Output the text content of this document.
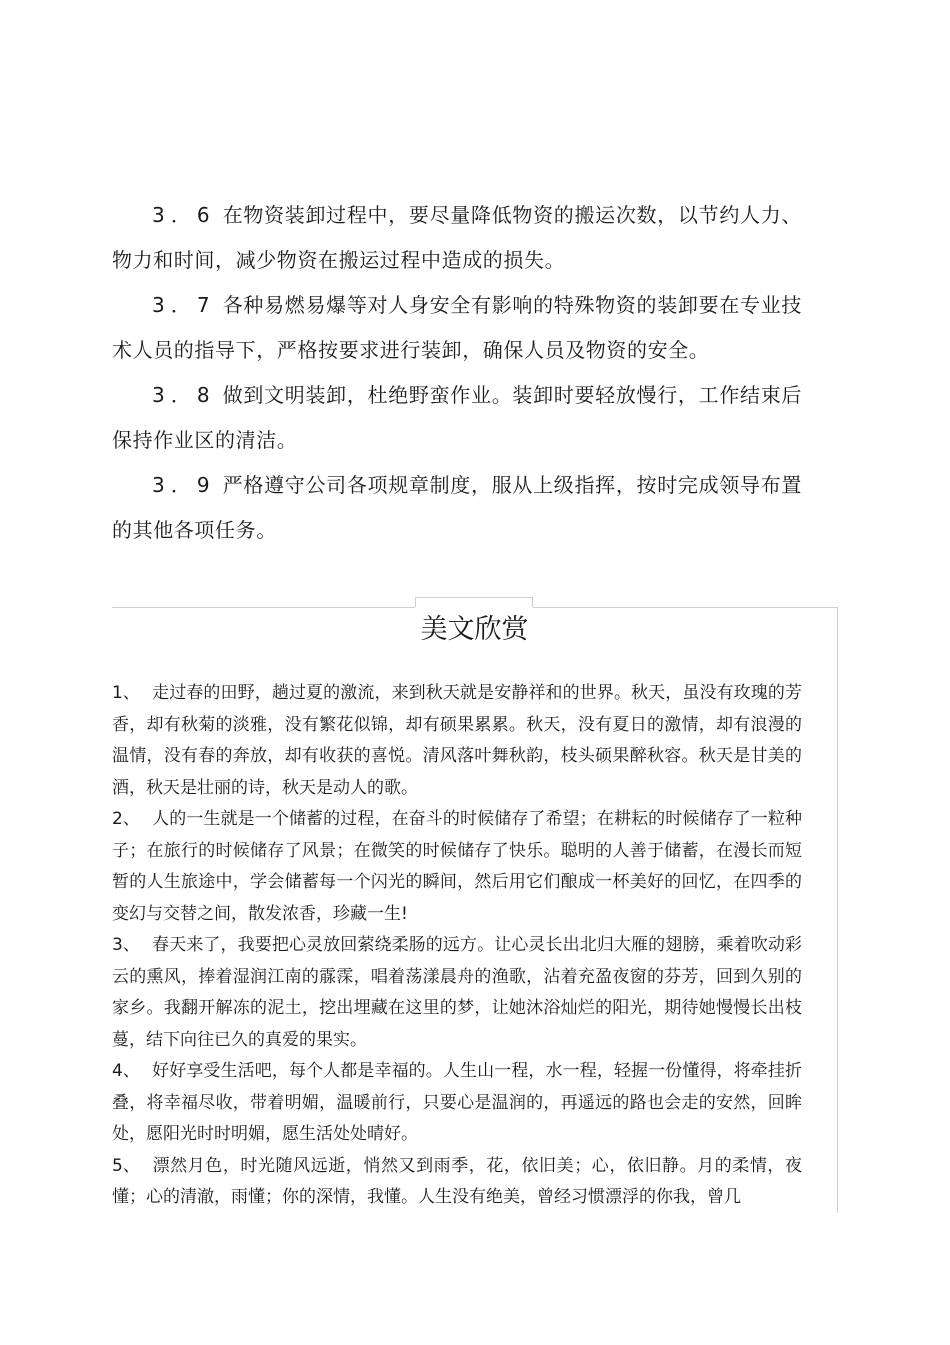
3．6 在物资装卸过程中，要尽量降低物资的搬运次数，以节约人力、物力和时间，减少物资在搬运过程中造成的损失。

3．7 各种易燃易爆等对人身安全有影响的特殊物资的装卸要在专业技术人员的指导下，严格按要求进行装卸，确保人员及物资的安全。

3．8 做到文明装卸，杜绝野蛮作业。装卸时要轻放慢行，工作结束后保持作业区的清洁。

3．9 严格遵守公司各项规章制度，服从上级指挥，按时完成领导布置的其他各项任务。

美文欣赏

1、 走过春的田野，趟过夏的激流，来到秋天就是安静祥和的世界。秋天，虽没有玫瑰的芳香，却有秋菊的淡雅，没有繁花似锦，却有硕果累累。秋天，没有夏日的激情，却有浪漫的温情，没有春的奔放，却有收获的喜悦。清风落叶舞秋韵，枝头硕果醉秋容。秋天是甘美的酒，秋天是壮丽的诗，秋天是动人的歌。

2、 人的一生就是一个储蓄的过程，在奋斗的时候储存了希望；在耕耘的时候储存了一粒种子；在旅行的时候储存了风景；在微笑的时候储存了快乐。聪明的人善于储蓄，在漫长而短暂的人生旅途中，学会储蓄每一个闪光的瞬间，然后用它们酿成一杯美好的回忆，在四季的变幻与交替之间，散发浓香，珍藏一生!

3、 春天来了，我要把心灵放回萦绕柔肠的远方。让心灵长出北归大雁的翅膀，乘着吹动彩云的熏风，捧着湿润江南的霡霂，唱着荡漾晨舟的渔歌，沾着充盈夜窗的芬芳，回到久别的家乡。我翻开解冻的泥土，挖出埋藏在这里的梦，让她沐浴灿烂的阳光，期待她慢慢长出枝蔓，结下向往已久的真爱的果实。

4、 好好享受生活吧，每个人都是幸福的。人生山一程，水一程，轻握一份懂得，将牵挂折叠，将幸福尽收，带着明媚，温暖前行，只要心是温润的，再遥远的路也会走的安然，回眸处，愿阳光时时明媚，愿生活处处晴好。

5、 漂然月色，时光随风远逝，悄然又到雨季，花，依旧美；心，依旧静。月的柔情，夜懂；心的清澈，雨懂；你的深情，我懂。人生没有绝美，曾经习惯漂浮的你我，曾几
